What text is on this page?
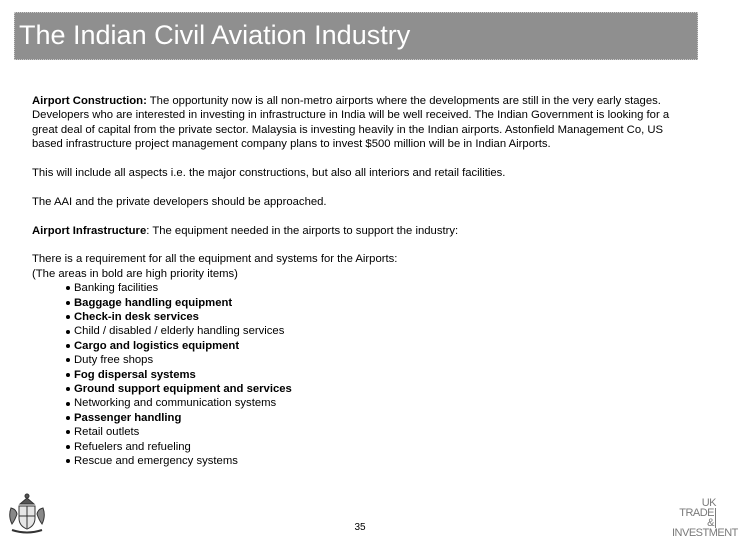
The Indian Civil Aviation Industry

Airport Construction: The opportunity now is all non-metro airports where the developments are still in the very early stages. Developers who are interested in investing in infrastructure in India will be well received. The Indian Government is looking for a great deal of capital from the private sector. Malaysia is investing heavily in the Indian airports. Astonfield Management Co, US based infrastructure project management company plans to invest $500 million will be in Indian Airports.

This will include all aspects i.e. the major constructions, but also all interiors and retail facilities.

The AAI and the private developers should be approached.

Airport Infrastructure: The equipment needed in the airports to support the industry:

There is a requirement for all the equipment and systems for the Airports:

(The areas in bold are high priority items)

Banking facilities
Baggage handling equipment
Check-in desk services
Child / disabled / elderly handling services
Cargo and logistics equipment
Duty free shops
Fog dispersal systems
Ground support equipment and services
Networking and communication systems
Passenger handling
Retail outlets
Refuelers and refueling
Rescue and emergency systems
35
UK
TRADE &
INVESTMENT
